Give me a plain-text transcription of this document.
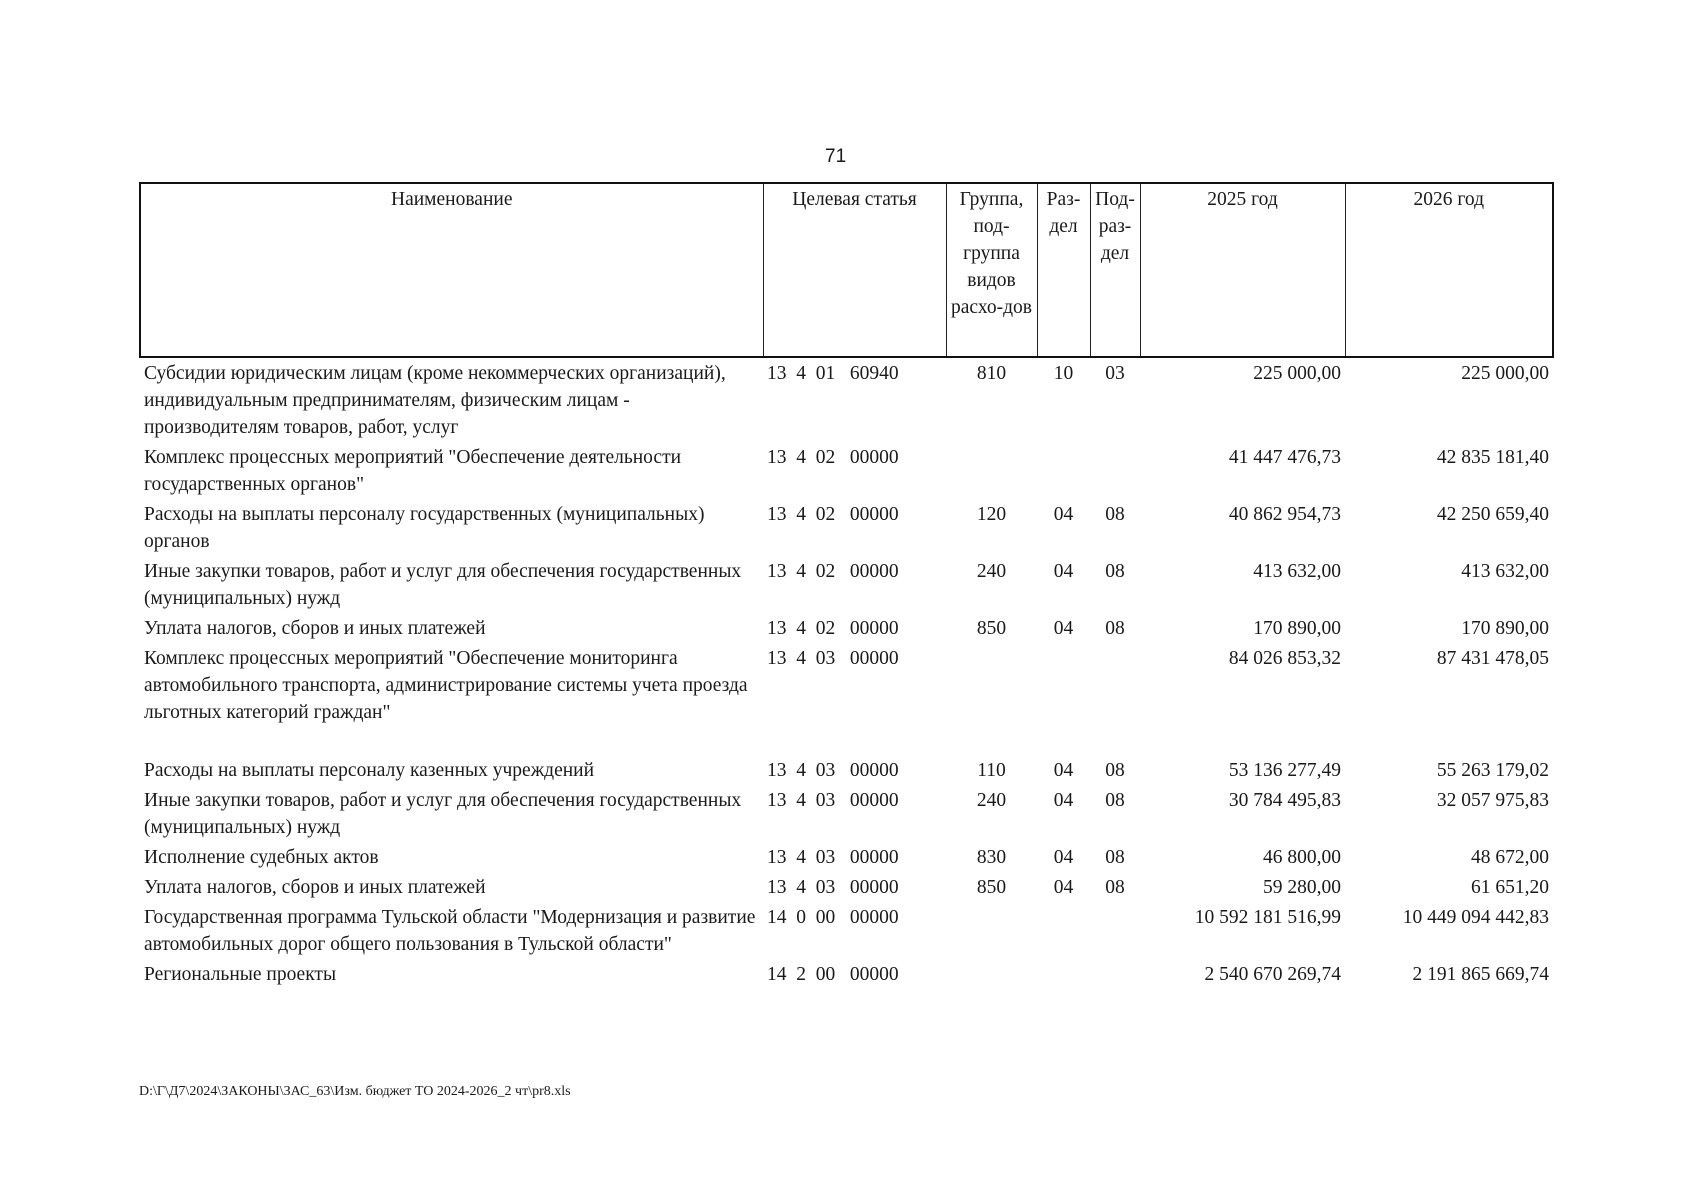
71
Наименование	Целевая статья	Группа, под-группа видов расхо-дов	Раз-дел	Под-раз-дел	2025 год	2026 год
Субсидии юридическим лицам (кроме некоммерческих организаций), индивидуальным предпринимателям, физическим лицам - производителям товаров, работ, услуг	13  4  01   60940	810	10	03	225 000,00	225 000,00
Комплекс процессных мероприятий "Обеспечение деятельности государственных органов"	13  4  02   00000				41 447 476,73	42 835 181,40
Расходы на выплаты персоналу государственных (муниципальных) органов	13  4  02   00000	120	04	08	40 862 954,73	42 250 659,40
Иные закупки товаров, работ и услуг для обеспечения государственных (муниципальных) нужд	13  4  02   00000	240	04	08	413 632,00	413 632,00
Уплата налогов, сборов и иных платежей	13  4  02   00000	850	04	08	170 890,00	170 890,00
Комплекс процессных мероприятий "Обеспечение мониторинга автомобильного транспорта, администрирование системы учета проезда льготных категорий граждан"	13  4  03   00000				84 026 853,32	87 431 478,05
Расходы на выплаты персоналу казенных учреждений	13  4  03   00000	110	04	08	53 136 277,49	55 263 179,02
Иные закупки товаров, работ и услуг для обеспечения государственных (муниципальных) нужд	13  4  03   00000	240	04	08	30 784 495,83	32 057 975,83
Исполнение судебных актов	13  4  03   00000	830	04	08	46 800,00	48 672,00
Уплата налогов, сборов и иных платежей	13  4  03   00000	850	04	08	59 280,00	61 651,20
Государственная программа Тульской области "Модернизация и развитие автомобильных дорог общего пользования в Тульской области"	14  0  00   00000				10 592 181 516,99	10 449 094 442,83
Региональные проекты	14  2  00   00000				2 540 670 269,74	2 191 865 669,74
D:\Г\Д7\2024\ЗАКОНЫ\ЗАС_63\Изм. бюджет ТО 2024-2026_2 чт\pr8.xls
